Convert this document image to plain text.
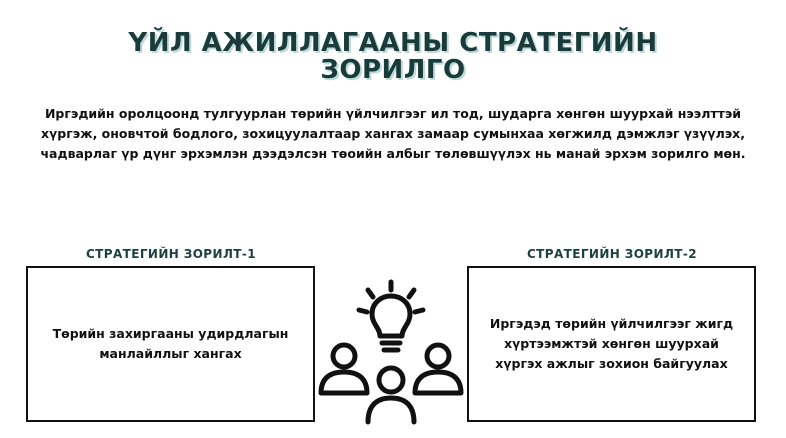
ҮЙЛ АЖИЛЛАГААНЫ СТРАТЕГИЙН
ЗОРИЛГО
Иргэдийн оролцоонд тулгуурлан төрийн үйлчилгээг ил тод, шударга хөнгөн шуурхай нээлттэй хүргэж, оновчтой бодлого, зохицуулалтаар хангах замаар сумынхаа хөгжилд дэмжлэг үзүүлэх, чадварлаг үр дүнг эрхэмлэн дээдэлсэн төоийн албыг төлөвшүүлэх нь манай эрхэм зорилго мөн.
СТРАТЕГИЙН ЗОРИЛТ-1
Төрийн захиргааны удирдлагын манлайллыг хангах
СТРАТЕГИЙН ЗОРИЛТ-2
Иргэдэд төрийн үйлчилгээг жигд хүртээмжтэй хөнгөн шуурхай хүргэх ажлыг зохион байгуулах
